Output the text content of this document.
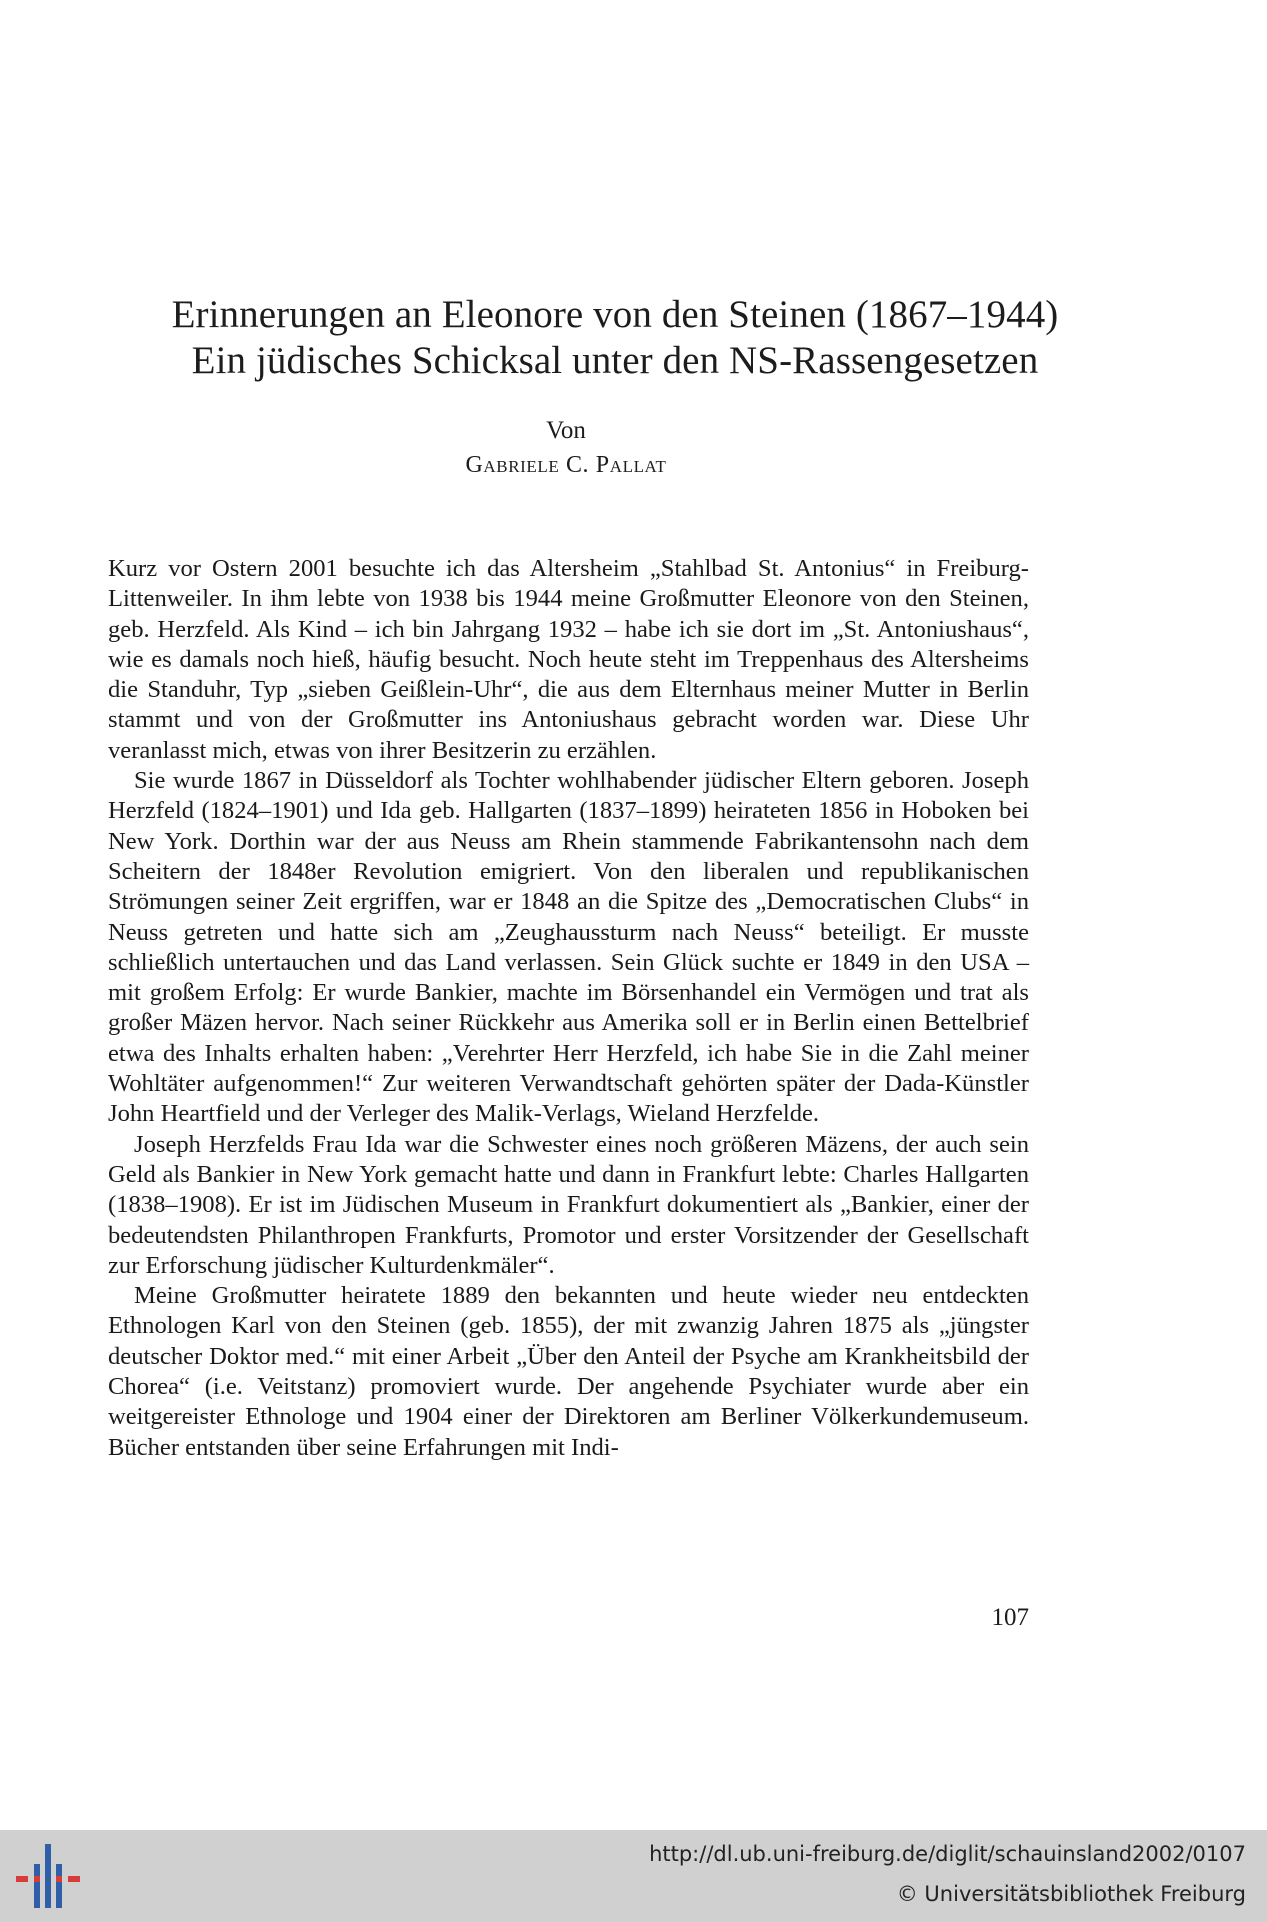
Erinnerungen an Eleonore von den Steinen (1867–1944)
Ein jüdisches Schicksal unter den NS-Rassengesetzen
Von
Gabriele C. Pallat

Kurz vor Ostern 2001 besuchte ich das Altersheim „Stahlbad St. Antonius“ in Freiburg-Littenweiler. In ihm lebte von 1938 bis 1944 meine Großmutter Eleonore von den Steinen, geb. Herzfeld. Als Kind – ich bin Jahrgang 1932 – habe ich sie dort im „St. Antoniushaus“, wie es damals noch hieß, häufig besucht. Noch heute steht im Treppenhaus des Altersheims die Standuhr, Typ „sieben Geißlein-Uhr“, die aus dem Elternhaus meiner Mutter in Berlin stammt und von der Großmutter ins Antoniushaus gebracht worden war. Diese Uhr veranlasst mich, etwas von ihrer Besitzerin zu erzählen.

Sie wurde 1867 in Düsseldorf als Tochter wohlhabender jüdischer Eltern geboren. Joseph Herzfeld (1824–1901) und Ida geb. Hallgarten (1837–1899) heirateten 1856 in Hoboken bei New York. Dorthin war der aus Neuss am Rhein stammende Fabrikantensohn nach dem Scheitern der 1848er Revolution emigriert. Von den liberalen und republikanischen Strömungen seiner Zeit ergriffen, war er 1848 an die Spitze des „Democratischen Clubs“ in Neuss getreten und hatte sich am „Zeughaussturm nach Neuss“ beteiligt. Er musste schließlich untertauchen und das Land verlassen. Sein Glück suchte er 1849 in den USA – mit großem Erfolg: Er wurde Bankier, machte im Börsenhandel ein Vermögen und trat als großer Mäzen hervor. Nach seiner Rückkehr aus Amerika soll er in Berlin einen Bettelbrief etwa des Inhalts erhalten haben: „Verehrter Herr Herzfeld, ich habe Sie in die Zahl meiner Wohltäter aufgenommen!“ Zur weiteren Verwandtschaft gehörten später der Dada-Künstler John Heartfield und der Verleger des Malik-Verlags, Wieland Herzfelde.

Joseph Herzfelds Frau Ida war die Schwester eines noch größeren Mäzens, der auch sein Geld als Bankier in New York gemacht hatte und dann in Frankfurt lebte: Charles Hallgarten (1838–1908). Er ist im Jüdischen Museum in Frankfurt dokumentiert als „Bankier, einer der bedeutendsten Philanthropen Frankfurts, Promotor und erster Vorsitzender der Gesellschaft zur Erforschung jüdischer Kulturdenkmäler“.

Meine Großmutter heiratete 1889 den bekannten und heute wieder neu entdeckten Ethnologen Karl von den Steinen (geb. 1855), der mit zwanzig Jahren 1875 als „jüngster deutscher Doktor med.“ mit einer Arbeit „Über den Anteil der Psyche am Krankheitsbild der Chorea“ (i.e. Veitstanz) promoviert wurde. Der angehende Psychiater wurde aber ein weitgereister Ethnologe und 1904 einer der Direktoren am Berliner Völkerkundemuseum. Bücher entstanden über seine Erfahrungen mit Indi-

107
http://dl.ub.uni-freiburg.de/diglit/schauinsland2002/0107
© Universitätsbibliothek Freiburg
